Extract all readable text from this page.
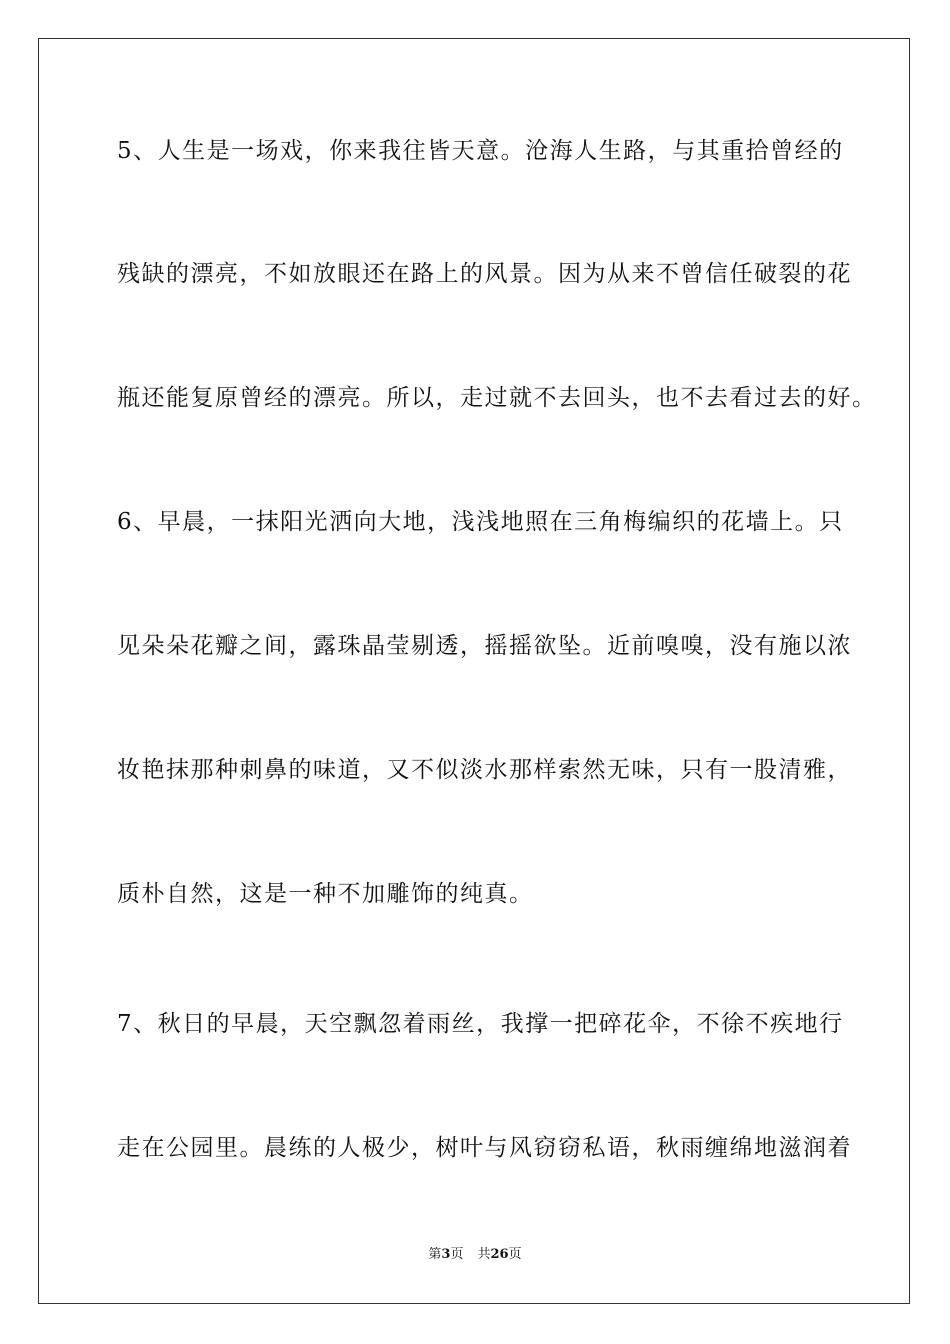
5、人生是一场戏，你来我往皆天意。沧海人生路，与其重拾曾经的
残缺的漂亮，不如放眼还在路上的风景。因为从来不曾信任破裂的花
瓶还能复原曾经的漂亮。所以，走过就不去回头，也不去看过去的好。
6、早晨，一抹阳光洒向大地，浅浅地照在三角梅编织的花墙上。只
见朵朵花瓣之间，露珠晶莹剔透，摇摇欲坠。近前嗅嗅，没有施以浓
妆艳抹那种刺鼻的味道，又不似淡水那样索然无味，只有一股清雅，
质朴自然，这是一种不加雕饰的纯真。
7、秋日的早晨，天空飘忽着雨丝，我撑一把碎花伞，不徐不疾地行
走在公园里。晨练的人极少，树叶与风窃窃私语，秋雨缠绵地滋润着
第3页 共26页
